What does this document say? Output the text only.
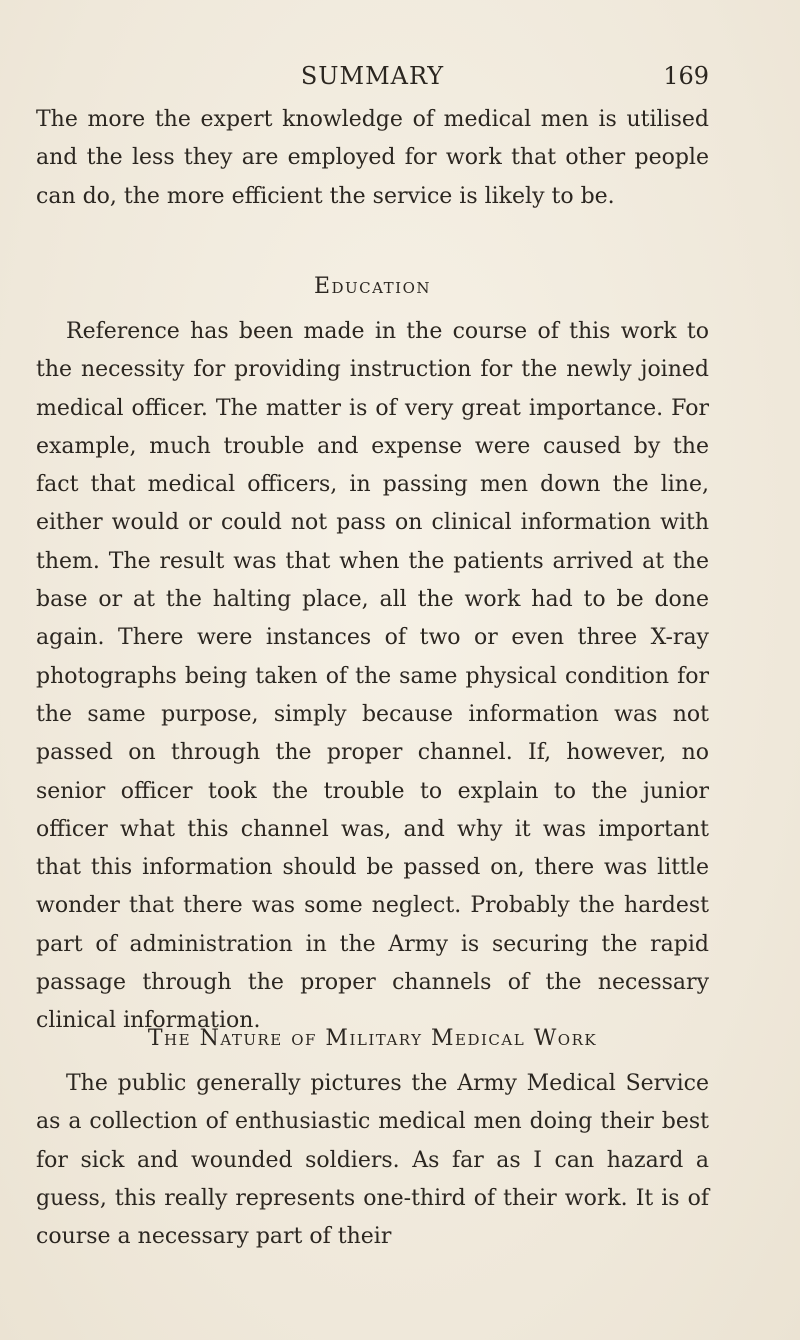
SUMMARY	169

The more the expert knowledge of medical men is utilised and the less they are employed for work that other people can do, the more efficient the service is likely to be.

Education

Reference has been made in the course of this work to the necessity for providing instruction for the newly joined medical officer. The matter is of very great importance. For example, much trouble and expense were caused by the fact that medical officers, in passing men down the line, either would or could not pass on clinical information with them. The result was that when the patients arrived at the base or at the halting place, all the work had to be done again. There were instances of two or even three X-ray photographs being taken of the same physical condition for the same purpose, simply because information was not passed on through the proper channel. If, however, no senior officer took the trouble to explain to the junior officer what this channel was, and why it was important that this information should be passed on, there was little wonder that there was some neglect. Probably the hardest part of administration in the Army is securing the rapid passage through the proper channels of the necessary clinical information.

The Nature of Military Medical Work

The public generally pictures the Army Medical Service as a collection of enthusiastic medical men doing their best for sick and wounded soldiers. As far as I can hazard a guess, this really represents one-third of their work. It is of course a necessary part of their
